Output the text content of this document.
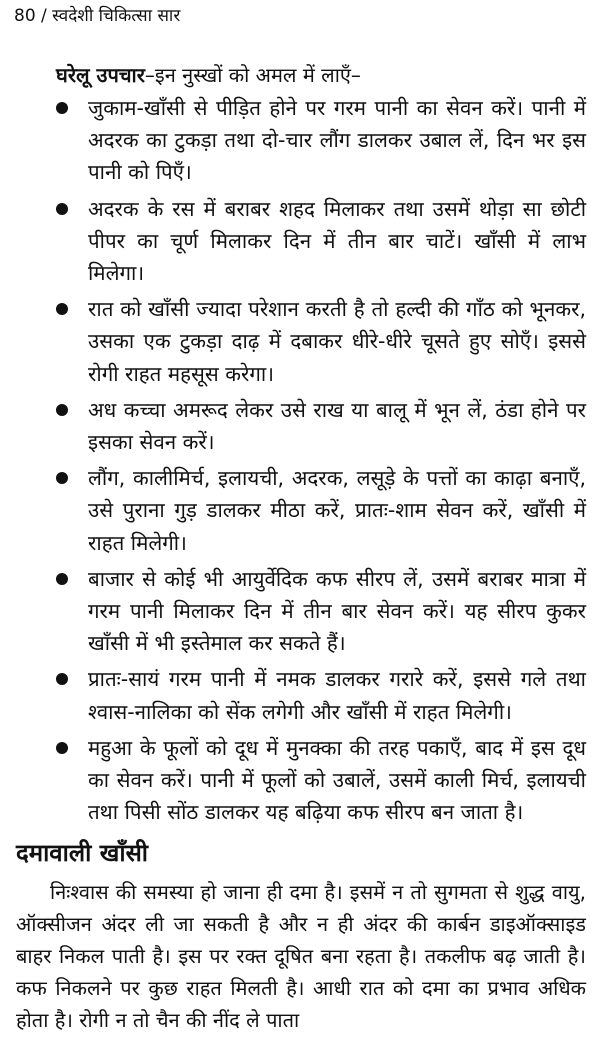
80 / स्वदेशी चिकित्सा सार
घरेलू उपचार–इन नुस्खों को अमल में लाएँ–
जुकाम-खाँसी से पीड़ित होने पर गरम पानी का सेवन करें। पानी में अदरक का टुकड़ा तथा दो-चार लौंग डालकर उबाल लें, दिन भर इस पानी को पिएँ।
अदरक के रस में बराबर शहद मिलाकर तथा उसमें थोड़ा सा छोटी पीपर का चूर्ण मिलाकर दिन में तीन बार चाटें। खाँसी में लाभ मिलेगा।
रात को खाँसी ज्यादा परेशान करती है तो हल्दी की गाँठ को भूनकर, उसका एक टुकड़ा दाढ़ में दबाकर धीरे-धीरे चूसते हुए सोएँ। इससे रोगी राहत महसूस करेगा।
अध कच्चा अमरूद लेकर उसे राख या बालू में भून लें, ठंडा होने पर इसका सेवन करें।
लौंग, कालीमिर्च, इलायची, अदरक, लसूड़े के पत्तों का काढ़ा बनाएँ, उसे पुराना गुड़ डालकर मीठा करें, प्रातः-शाम सेवन करें, खाँसी में राहत मिलेगी।
बाजार से कोई भी आयुर्वेदिक कफ सीरप लें, उसमें बराबर मात्रा में गरम पानी मिलाकर दिन में तीन बार सेवन करें। यह सीरप कुकर खाँसी में भी इस्तेमाल कर सकते हैं।
प्रातः-सायं गरम पानी में नमक डालकर गरारे करें, इससे गले तथा श्वास-नालिका को सेंक लगेगी और खाँसी में राहत मिलेगी।
महुआ के फूलों को दूध में मुनक्का की तरह पकाएँ, बाद में इस दूध का सेवन करें। पानी में फूलों को उबालें, उसमें काली मिर्च, इलायची तथा पिसी सोंठ डालकर यह बढ़िया कफ सीरप बन जाता है।
दमावाली खाँसी

निःश्वास की समस्या हो जाना ही दमा है। इसमें न तो सुगमता से शुद्ध वायु, ऑक्सीजन अंदर ली जा सकती है और न ही अंदर की कार्बन डाइऑक्साइड बाहर निकल पाती है। इस पर रक्त दूषित बना रहता है। तकलीफ बढ़ जाती है। कफ निकलने पर कुछ राहत मिलती है। आधी रात को दमा का प्रभाव अधिक होता है। रोगी न तो चैन की नींद ले पाता
